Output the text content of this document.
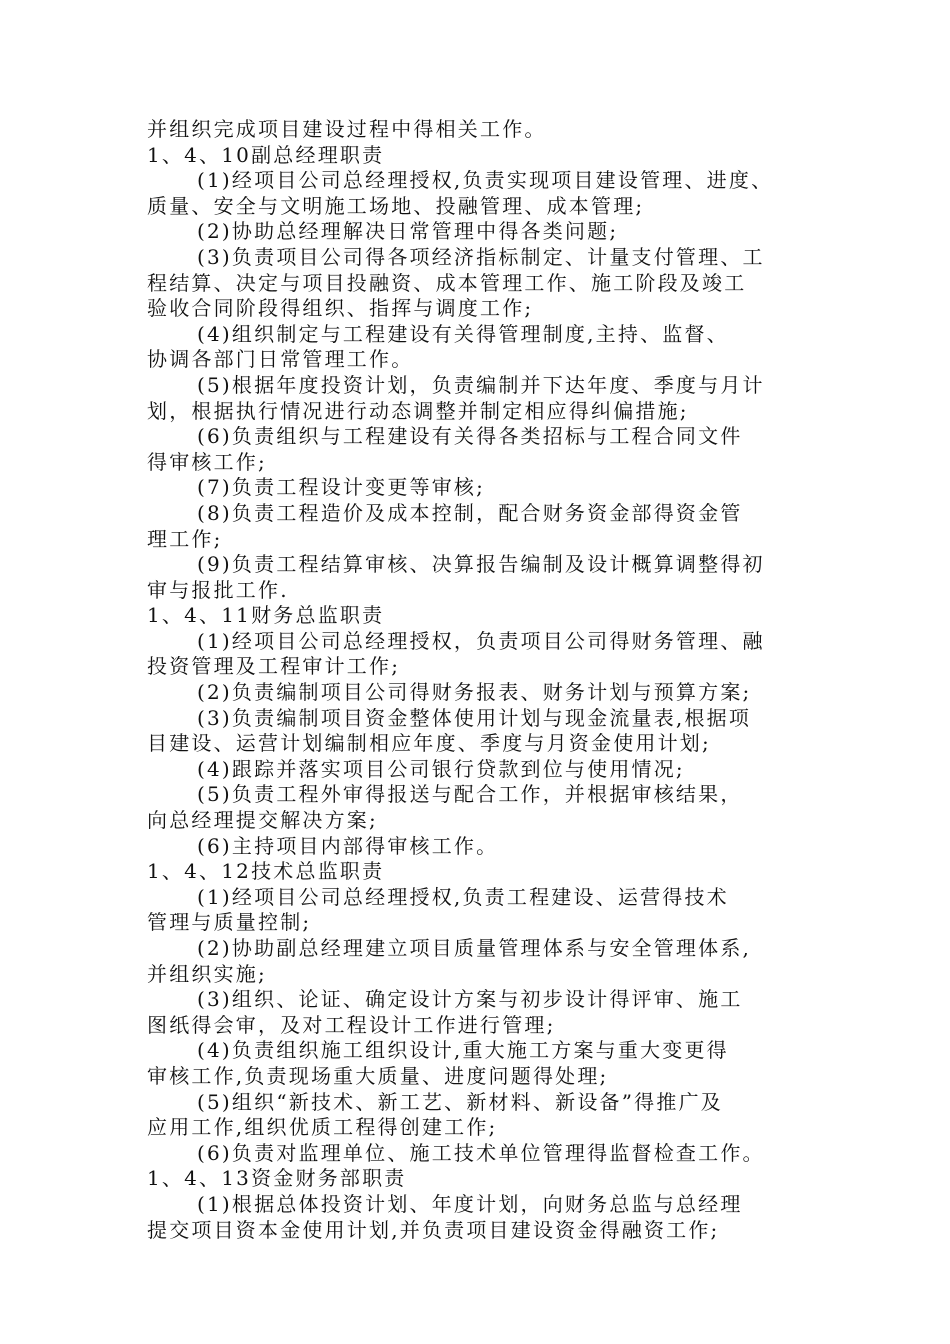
并组织完成项目建设过程中得相关工作。
1、4、10副总经理职责
(1)经项目公司总经理授权,负责实现项目建设管理、进度、
质量、安全与文明施工场地、投融管理、成本管理;
(2)协助总经理解决日常管理中得各类问题;
(3)负责项目公司得各项经济指标制定、计量支付管理、工
程结算、决定与项目投融资、成本管理工作、施工阶段及竣工
验收合同阶段得组织、指挥与调度工作;
(4)组织制定与工程建设有关得管理制度,主持、监督、
协调各部门日常管理工作。
(5)根据年度投资计划，负责编制并下达年度、季度与月计
划，根据执行情况进行动态调整并制定相应得纠偏措施;
(6)负责组织与工程建设有关得各类招标与工程合同文件
得审核工作;
(7)负责工程设计变更等审核;
(8)负责工程造价及成本控制，配合财务资金部得资金管
理工作;
(9)负责工程结算审核、决算报告编制及设计概算调整得初
审与报批工作.
1、4、11财务总监职责
(1)经项目公司总经理授权，负责项目公司得财务管理、融
投资管理及工程审计工作;
(2)负责编制项目公司得财务报表、财务计划与预算方案;
(3)负责编制项目资金整体使用计划与现金流量表,根据项
目建设、运营计划编制相应年度、季度与月资金使用计划;
(4)跟踪并落实项目公司银行贷款到位与使用情况;
(5)负责工程外审得报送与配合工作，并根据审核结果，
向总经理提交解决方案;
(6)主持项目内部得审核工作。
1、4、12技术总监职责
(1)经项目公司总经理授权,负责工程建设、运营得技术
管理与质量控制;
(2)协助副总经理建立项目质量管理体系与安全管理体系,
并组织实施;
(3)组织、论证、确定设计方案与初步设计得评审、施工
图纸得会审，及对工程设计工作进行管理;
(4)负责组织施工组织设计,重大施工方案与重大变更得
审核工作,负责现场重大质量、进度问题得处理;
(5)组织“新技术、新工艺、新材料、新设备”得推广及
应用工作,组织优质工程得创建工作;
(6)负责对监理单位、施工技术单位管理得监督检查工作。
1、4、13资金财务部职责
(1)根据总体投资计划、年度计划，向财务总监与总经理
提交项目资本金使用计划,并负责项目建设资金得融资工作;
